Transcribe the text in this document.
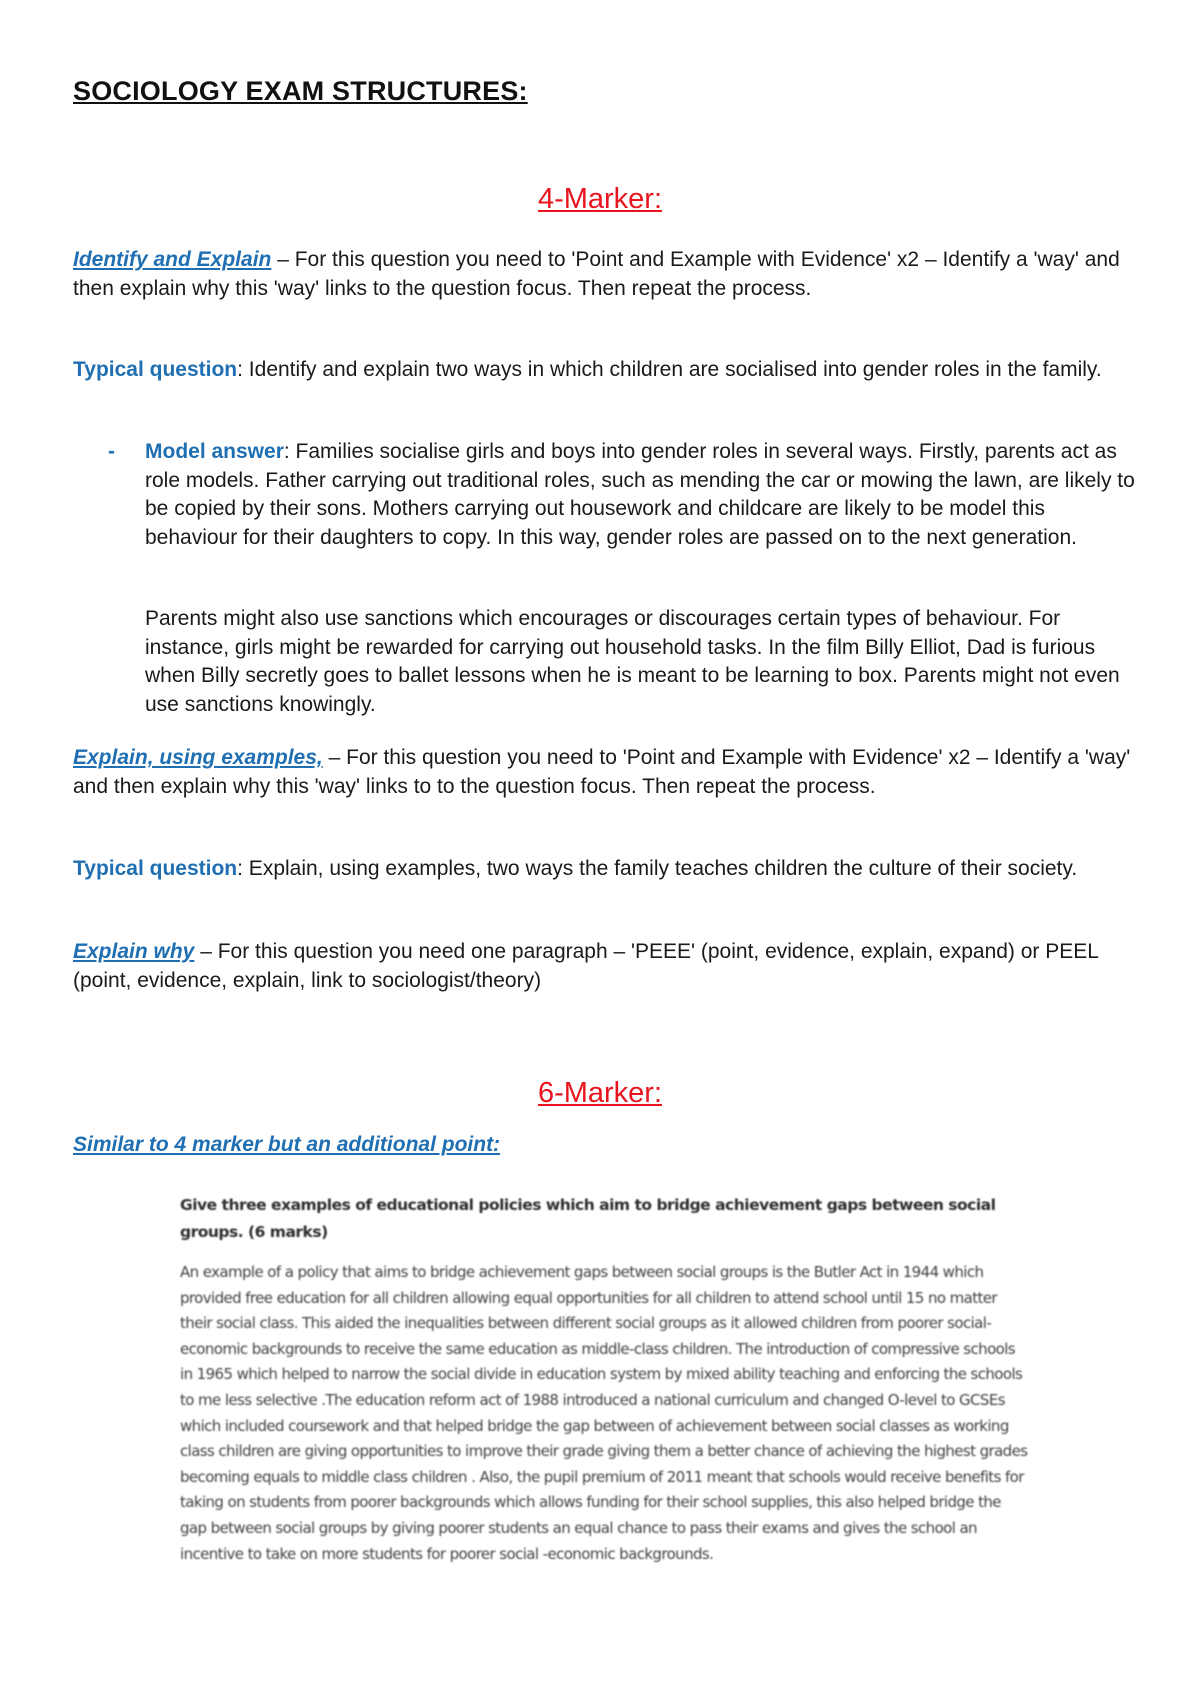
SOCIOLOGY EXAM STRUCTURES:
4-Marker:

Identify and Explain – For this question you need to 'Point and Example with Evidence' x2 – Identify a 'way' and then explain why this 'way' links to the question focus. Then repeat the process.

Typical question: Identify and explain two ways in which children are socialised into gender roles in the family.

- Model answer: Families socialise girls and boys into gender roles in several ways. Firstly, parents act as role models. Father carrying out traditional roles, such as mending the car or mowing the lawn, are likely to be copied by their sons. Mothers carrying out housework and childcare are likely to be model this behaviour for their daughters to copy. In this way, gender roles are passed on to the next generation.

Parents might also use sanctions which encourages or discourages certain types of behaviour. For instance, girls might be rewarded for carrying out household tasks. In the film Billy Elliot, Dad is furious when Billy secretly goes to ballet lessons when he is meant to be learning to box. Parents might not even use sanctions knowingly.

Explain, using examples, – For this question you need to 'Point and Example with Evidence' x2 – Identify a 'way' and then explain why this 'way' links to to the question focus. Then repeat the process.

Typical question: Explain, using examples, two ways the family teaches children the culture of their society.

Explain why – For this question you need one paragraph – 'PEEE' (point, evidence, explain, expand) or PEEL (point, evidence, explain, link to sociologist/theory)

6-Marker:

Similar to 4 marker but an additional point:

Give three examples of educational policies which aim to bridge achievement gaps between social groups. (6 marks)

An example of a policy that aims to bridge achievement gaps between social groups is the Butler Act in 1944 which provided free education for all children allowing equal opportunities for all children to attend school until 15 no matter their social class. This aided the inequalities between different social groups as it allowed children from poorer social-economic backgrounds to receive the same education as middle-class children. The introduction of compressive schools in 1965 which helped to narrow the social divide in education system by mixed ability teaching and enforcing the schools to me less selective .The education reform act of 1988 introduced a national curriculum and changed O-level to GCSEs which included coursework and that helped bridge the gap between of achievement between social classes as working class children are giving opportunities to improve their grade giving them a better chance of achieving the highest grades becoming equals to middle class children . Also, the pupil premium of 2011 meant that schools would receive benefits for taking on students from poorer backgrounds which allows funding for their school supplies, this also helped bridge the gap between social groups by giving poorer students an equal chance to pass their exams and gives the school an incentive to take on more students for poorer social -economic backgrounds.
